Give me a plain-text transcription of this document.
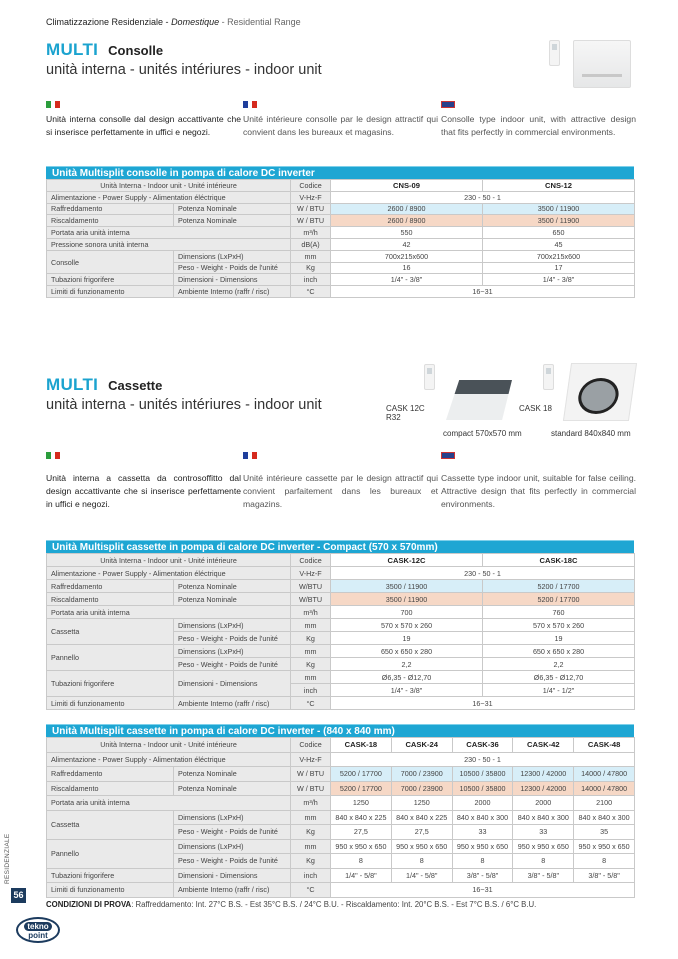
Climatizzazione Residenziale - Domestique - Residential Range
MULTI Consolle
unità interna - unités intériures - indoor unit
Unità interna consolle dal design accattivante che si inserisce perfettamente in uffici e negozi.
Unité intérieure consolle par le design attractif qui convient dans les bureaux et magasins.
Consolle type indoor unit, with attractive design that fits perfectly in commercial environments.
Unità Multisplit consolle in pompa di calore DC inverter
Unità Interna - Indoor unit - Unité intérieure		Codice	CNS-09	CNS-12
Alimentazione - Power Supply - Alimentation éléctrique		V-Hz-F	230 - 50 - 1	
Raffreddamento	Potenza Nominale	W / BTU	2600 / 8900	3500 / 11900
Riscaldamento	Potenza Nominale	W / BTU	2600 / 8900	3500 / 11900
Portata aria unità interna		m³/h	550	650
Pressione sonora unità interna		dB(A)	42	45
Consolle	Dimensions (LxPxH)	mm	700x215x600	700x215x600
	Peso - Weight - Poids de l'unité	Kg	16	17
Tubazioni frigorifere	Dimensioni - Dimensions	inch	1/4" - 3/8"	1/4" - 3/8"
Limiti di funzionamento	Ambiente Interno (raffr / risc)	°C	16~31	
MULTI Cassette
unità interna - unités intériures - indoor unit	CASK 12C
R32
compact 570x570 mm
CASK 18
standard 840x840 mm
Unità interna a cassetta da controsoffitto dal design accattivante che si inserisce perfettamente in uffici e negozi.
Unité intérieure cassette par le design attractif qui convient parfaitement dans les bureaux et magazins.
Cassette type indoor unit, suitable for false ceiling. Attractive design that fits perfectly in commercial environments.
Unità Multisplit cassette in pompa di calore DC inverter - Compact (570 x 570mm)
Unità Interna - Indoor unit - Unité intérieure		Codice	CASK-12C	CASK-18C
Alimentazione - Power Supply - Alimentation éléctrique		V-Hz-F	230 - 50 - 1	
Raffreddamento	Potenza Nominale	W/BTU	3500 / 11900	5200 / 17700
Riscaldamento	Potenza Nominale	W/BTU	3500 / 11900	5200 / 17700
Portata aria unità interna		m³/h	700	760
Cassetta	Dimensions (LxPxH)	mm	570 x 570 x 260	570 x 570 x 260
	Peso - Weight - Poids de l'unité	Kg	19	19
Pannello	Dimensions (LxPxH)	mm	650 x 650 x 280	650 x 650 x 280
	Peso - Weight - Poids de l'unité	Kg	2,2	2,2
Tubazioni frigorifere	Dimensioni - Dimensions	mm	Ø6,35 - Ø12,70	Ø6,35 - Ø12,70
		inch	1/4" - 3/8"	1/4" - 1/2"
Limiti di funzionamento	Ambiente Interno (raffr / risc)	°C	16~31	
Unità Multisplit cassette in pompa di calore DC inverter - (840 x 840 mm)
Unità Interna - Indoor unit - Unité intérieure		Codice	CASK-18	CASK-24	CASK-36	CASK-42	CASK-48
Alimentazione - Power Supply - Alimentation éléctrique		V-Hz-F	230 - 50 - 1				
Raffreddamento	Potenza Nominale	W / BTU	5200 / 17700	7000 / 23900	10500 / 35800	12300 / 42000	14000 / 47800
Riscaldamento	Potenza Nominale	W / BTU	5200 / 17700	7000 / 23900	10500 / 35800	12300 / 42000	14000 / 47800
Portata aria unità interna		m³/h	1250	1250	2000	2000	2100
Cassetta	Dimensions (LxPxH)	mm	840 x 840 x 225	840 x 840 x 225	840 x 840 x 300	840 x 840 x 300	840 x 840 x 300
	Peso - Weight - Poids de l'unité	Kg	27,5	27,5	33	33	35
Pannello	Dimensions (LxPxH)	mm	950 x 950 x 650	950 x 950 x 650	950 x 950 x 650	950 x 950 x 650	950 x 950 x 650
	Peso - Weight - Poids de l'unité	Kg	8	8	8	8	8
Tubazioni frigorifere	Dimensioni - Dimensions	inch	1/4" - 5/8"	1/4" - 5/8"	3/8" - 5/8"	3/8" - 5/8"	3/8" - 5/8"
Limiti di funzionamento	Ambiente Interno (raffr / risc)	°C	16~31				
RESIDENZIALE
56
CONDIZIONI DI PROVA: Raffreddamento: Int. 27°C B.S. - Est 35°C B.S. / 24°C B.U. - Riscaldamento: Int. 20°C B.S. - Est 7°C B.S. / 6°C B.U.
tekno
point
